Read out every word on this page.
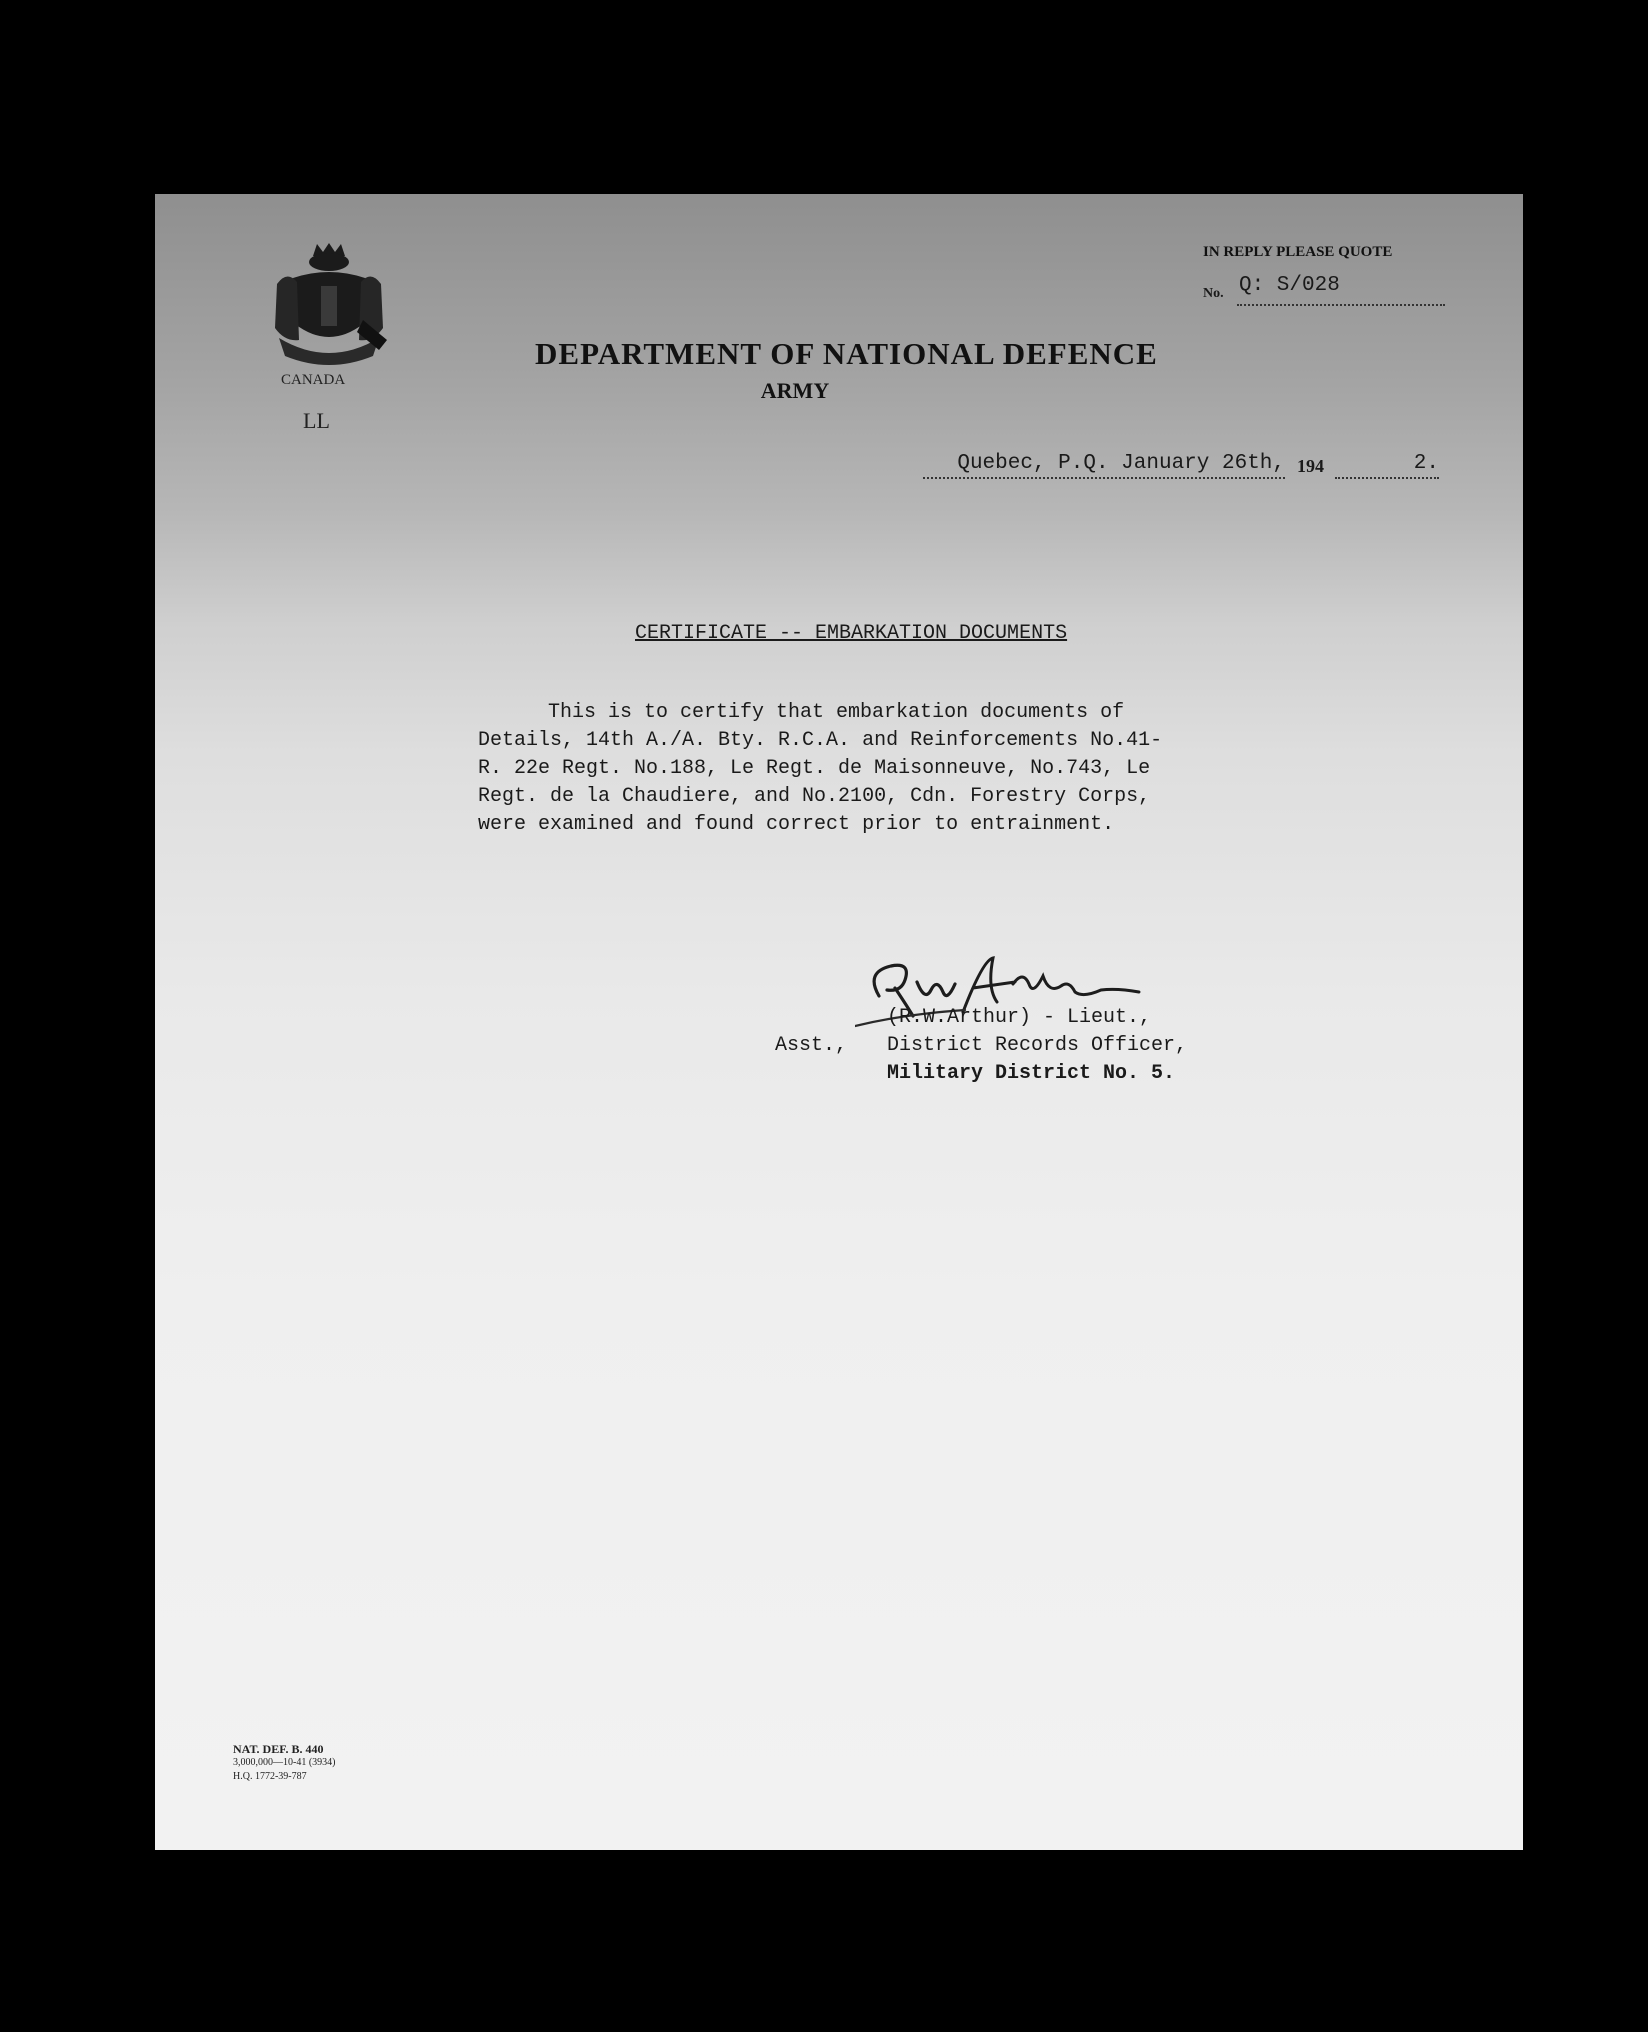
CANADA
LL
IN REPLY PLEASE QUOTE
No. Q: S/028
DEPARTMENT OF NATIONAL DEFENCE
ARMY
Quebec, P.Q. January 26th, 194	2.
CERTIFICATE -- EMBARKATION DOCUMENTS

This is to certify that embarkation documents of

Details, 14th A./A. Bty. R.C.A. and Reinforcements No.41-

R. 22e Regt. No.188, Le Regt. de Maisonneuve, No.743, Le

Regt. de la Chaudiere, and No.2100, Cdn. Forestry Corps,

were examined and found correct prior to entrainment.

Asst.,
(R.W.Arthur) - Lieut.,
District Records Officer,
Military District No. 5.
NAT. DEF. B. 440
3,000,000—10-41 (3934)
H.Q. 1772-39-787
